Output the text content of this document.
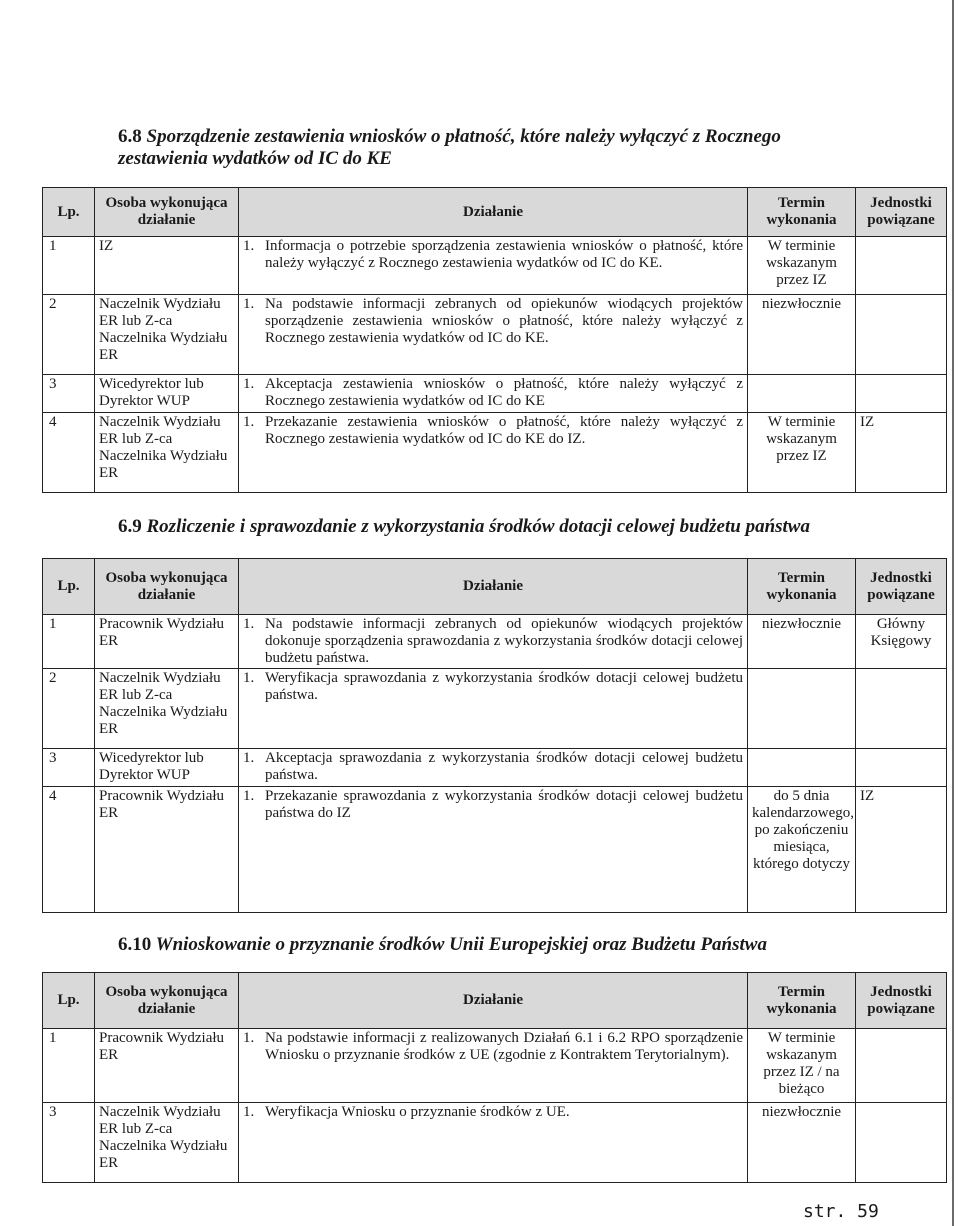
6.8 Sporządzenie zestawienia wniosków o płatność, które należy wyłączyć z Rocznego zestawienia wydatków od IC do KE
Lp.	Osoba wykonująca działanie	Działanie	Termin wykonania	Jednostki powiązane
1	IZ	1. Informacja o potrzebie sporządzenia zestawienia wniosków o płatność, które należy wyłączyć z Rocznego zestawienia wydatków od IC do KE.	W terminie wskazanym przez IZ	
2	Naczelnik Wydziału ER lub Z-ca Naczelnika Wydziału ER	1. Na podstawie informacji zebranych od opiekunów wiodących projektów sporządzenie zestawienia wniosków o płatność, które należy wyłączyć z Rocznego zestawienia wydatków od IC do KE.	niezwłocznie	
3	Wicedyrektor lub Dyrektor WUP	1. Akceptacja zestawienia wniosków o płatność, które należy wyłączyć z Rocznego zestawienia wydatków od IC do KE		

4	Naczelnik Wydziału ER lub Z-ca Naczelnika Wydziału ER	1. Przekazanie zestawienia wniosków o płatność, które należy wyłączyć z Rocznego zestawienia wydatków od IC do KE do IZ.	W terminie wskazanym przez IZ	IZ
6.9 Rozliczenie i sprawozdanie z wykorzystania środków dotacji celowej budżetu państwa
Lp.	Osoba wykonująca działanie	Działanie	Termin wykonania	Jednostki powiązane
1	Pracownik Wydziału ER	1. Na podstawie informacji zebranych od opiekunów wiodących projektów dokonuje sporządzenia sprawozdania z wykorzystania środków dotacji celowej budżetu państwa.	niezwłocznie	Główny Księgowy
2	Naczelnik Wydziału ER lub Z-ca Naczelnika Wydziału ER	1. Weryfikacja sprawozdania z wykorzystania środków dotacji celowej budżetu państwa.		

3	Wicedyrektor lub Dyrektor WUP	1. Akceptacja sprawozdania z wykorzystania środków dotacji celowej budżetu państwa.		

4	Pracownik Wydziału ER	1. Przekazanie sprawozdania z wykorzystania środków dotacji celowej budżetu państwa do IZ	do 5 dnia kalendarzowego, po zakończeniu miesiąca, którego dotyczy	IZ
6.10 Wnioskowanie o przyznanie środków Unii Europejskiej oraz Budżetu Państwa
Lp.	Osoba wykonująca działanie	Działanie	Termin wykonania	Jednostki powiązane
1	Pracownik Wydziału ER	1. Na podstawie informacji z realizowanych Działań 6.1 i 6.2 RPO sporządzenie Wniosku o przyznanie środków z UE (zgodnie z Kontraktem Terytorialnym).	W terminie wskazanym przez IZ / na bieżąco	
3	Naczelnik Wydziału ER lub Z-ca Naczelnika Wydziału ER	1. Weryfikacja Wniosku o przyznanie środków z UE.	niezwłocznie	
str. 59
